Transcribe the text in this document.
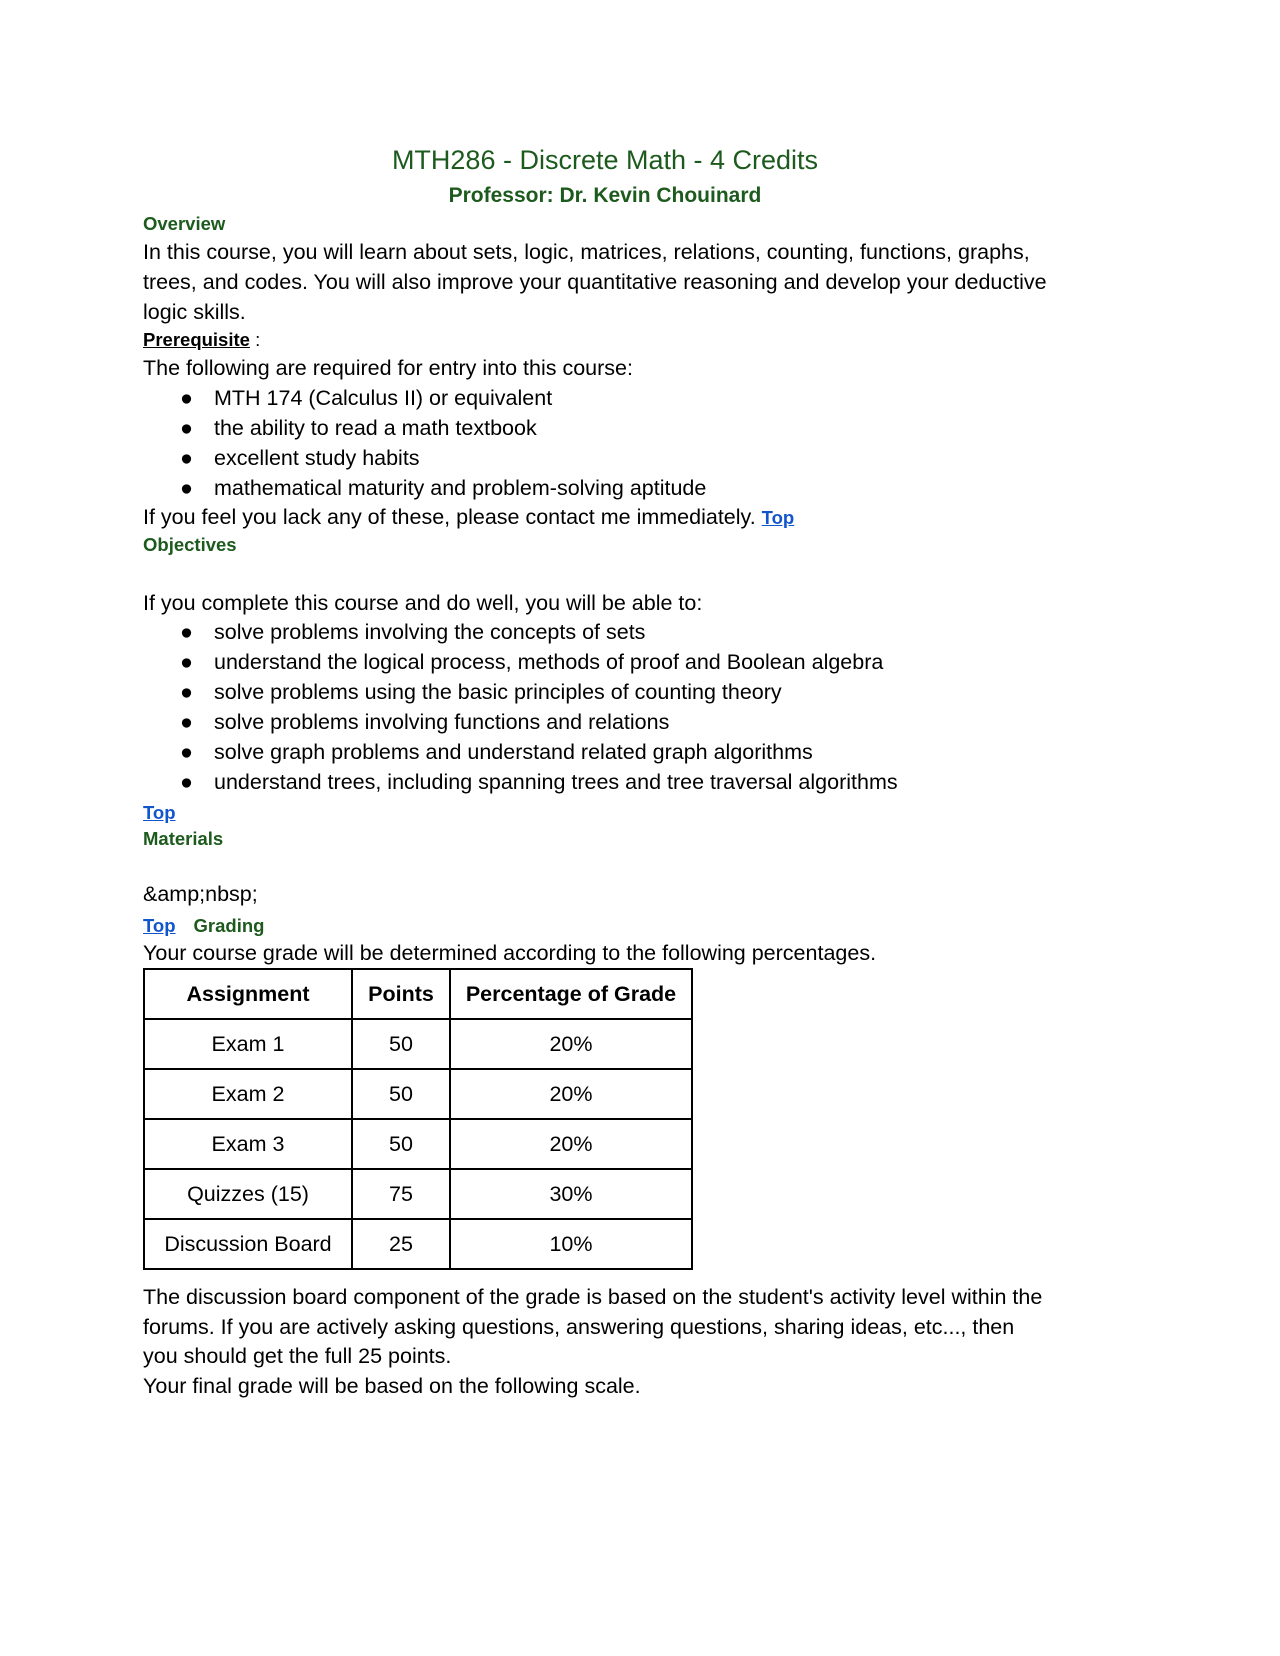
MTH286 - Discrete Math - 4 Credits
Professor: Dr. Kevin Chouinard
Overview
In this course, you will learn about sets, logic, matrices, relations, counting, functions, graphs,
trees, and codes. You will also improve your quantitative reasoning and develop your deductive
logic skills.
Prerequisite :
The following are required for entry into this course:
● MTH 174 (Calculus II) or equivalent
● the ability to read a math textbook
● excellent study habits
● mathematical maturity and problem-solving aptitude
If you feel you lack any of these, please contact me immediately. Top
Objectives
If you complete this course and do well, you will be able to:
● solve problems involving the concepts of sets
● understand the logical process, methods of proof and Boolean algebra
● solve problems using the basic principles of counting theory
● solve problems involving functions and relations
● solve graph problems and understand related graph algorithms
● understand trees, including spanning trees and tree traversal algorithms
Top
Materials
&amp;nbsp;
Top Grading
Your course grade will be determined according to the following percentages.
Assignment	Points	Percentage of Grade
Exam 1	50	20%
Exam 2	50	20%
Exam 3	50	20%
Quizzes (15)	75	30%
Discussion Board	25	10%
The discussion board component of the grade is based on the student's activity level within the
forums. If you are actively asking questions, answering questions, sharing ideas, etc..., then
you should get the full 25 points.
Your final grade will be based on the following scale.
